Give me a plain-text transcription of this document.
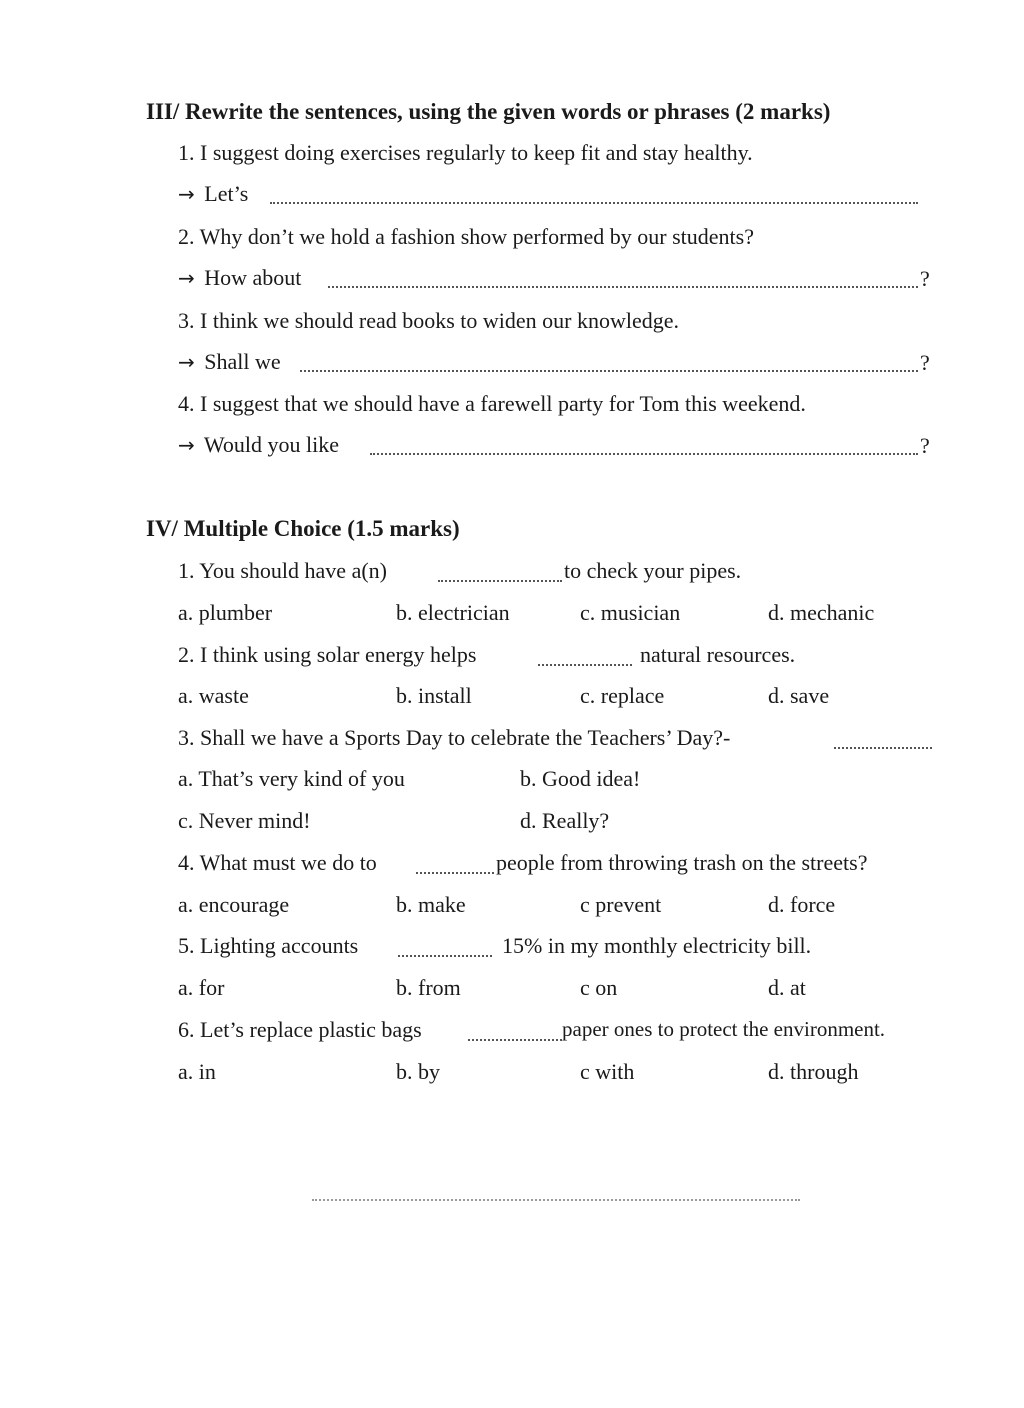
III/ Rewrite the sentences, using the given words or phrases (2 marks)
1. I suggest doing exercises regularly to keep fit and stay healthy.
→ Let’s
2. Why don’t we hold a fashion show performed by our students?
→ How about	?
3. I think we should read books to widen our knowledge.
→ Shall we	?
4. I suggest that we should have a farewell party for Tom this weekend.
→ Would you like	?
IV/ Multiple Choice (1.5 marks)
1. You should have a(n)	to check your pipes.
a. plumber	b. electrician	c. musician	d. mechanic
2. I think using solar energy helps	natural resources.
a. waste	b. install	c. replace	d. save
3. Shall we have a Sports Day to celebrate the Teachers’ Day?-
a. That’s very kind of you	b. Good idea!
c. Never mind!	d. Really?
4. What must we do to	people from throwing trash on the streets?
a. encourage	b. make	c prevent	d. force
5. Lighting accounts	15% in my monthly electricity bill.
a. for	b. from	c on	d. at
6. Let’s replace plastic bags	paper ones to protect the environment.
a. in	b. by	c with	d. through
